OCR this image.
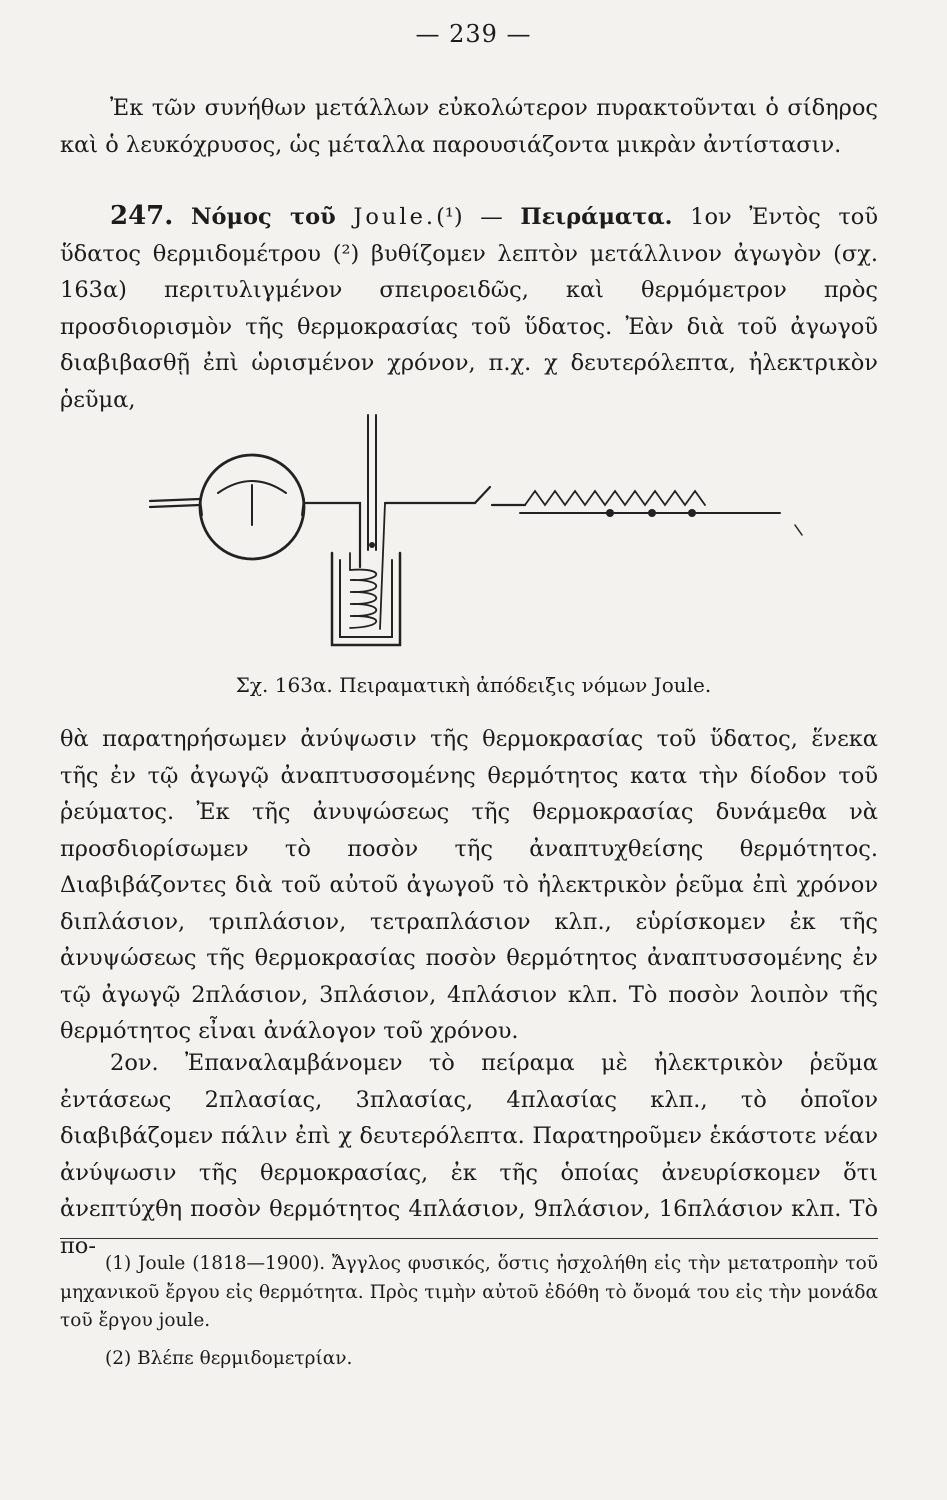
— 239 —

Ἐκ τῶν συνήθων μετάλλων εὐκολώτερον πυρακτοῦνται ὁ σίδηρος καὶ ὁ λευκόχρυσος, ὡς μέταλλα παρουσιάζοντα μικρὰν ἀντίστασιν.

247. Νόμος τοῦ Joule.(¹) — Πειράματα. 1ον Ἐντὸς τοῦ ὕδατος θερμιδομέτρου (²) βυθίζομεν λεπτὸν μετάλλινον ἀγωγὸν (σχ. 163α) περιτυλιγμένον σπειροειδῶς, καὶ θερμόμετρον πρὸς προσδιορισμὸν τῆς θερμοκρασίας τοῦ ὕδατος. Ἐὰν διὰ τοῦ ἀγωγοῦ διαβιβασθῇ ἐπὶ ὡρισμένον χρόνον, π.χ. χ δευτερόλεπτα, ἠλεκτρικὸν ῥεῦμα,

Σχ. 163α. Πειραματικὴ ἀπόδειξις νόμων Joule.

θὰ παρατηρήσωμεν ἀνύψωσιν τῆς θερμοκρασίας τοῦ ὕδατος, ἕνεκα τῆς ἐν τῷ ἀγωγῷ ἀναπτυσσομένης θερμότητος κατα τὴν δίοδον τοῦ ῥεύματος. Ἐκ τῆς ἀνυψώσεως τῆς θερμοκρασίας δυνάμεθα νὰ προσδιορίσωμεν τὸ ποσὸν τῆς ἀναπτυχθείσης θερμότητος. Διαβιβάζοντες διὰ τοῦ αὐτοῦ ἀγωγοῦ τὸ ἠλεκτρικὸν ῥεῦμα ἐπὶ χρόνον διπλάσιον, τριπλάσιον, τετραπλάσιον κλπ., εὑρίσκομεν ἐκ τῆς ἀνυψώσεως τῆς θερμοκρασίας ποσὸν θερμότητος ἀναπτυσσομένης ἐν τῷ ἀγωγῷ 2πλάσιον, 3πλάσιον, 4πλάσιον κλπ. Τὸ ποσὸν λοιπὸν τῆς θερμότητος εἶναι ἀνάλογον τοῦ χρόνου.

2ον. Ἐπαναλαμβάνομεν τὸ πείραμα μὲ ἠλεκτρικὸν ῥεῦμα ἐντάσεως 2πλασίας, 3πλασίας, 4πλασίας κλπ., τὸ ὁποῖον διαβιβάζομεν πάλιν ἐπὶ χ δευτερόλεπτα. Παρατηροῦμεν ἑκάστοτε νέαν ἀνύψωσιν τῆς θερμοκρασίας, ἐκ τῆς ὁποίας ἀνευρίσκομεν ὅτι ἀνεπτύχθη ποσὸν θερμότητος 4πλάσιον, 9πλάσιον, 16πλάσιον κλπ. Τὸ πο-

(1) Joule (1818—1900). Ἄγγλος φυσικός, ὅστις ἠσχολήθη εἰς τὴν μετατροπὴν τοῦ μηχανικοῦ ἔργου εἰς θερμότητα. Πρὸς τιμὴν αὐτοῦ ἐδόθη τὸ ὄνομά του εἰς τὴν μονάδα τοῦ ἔργου joule.

(2) Βλέπε θερμιδομετρίαν.
